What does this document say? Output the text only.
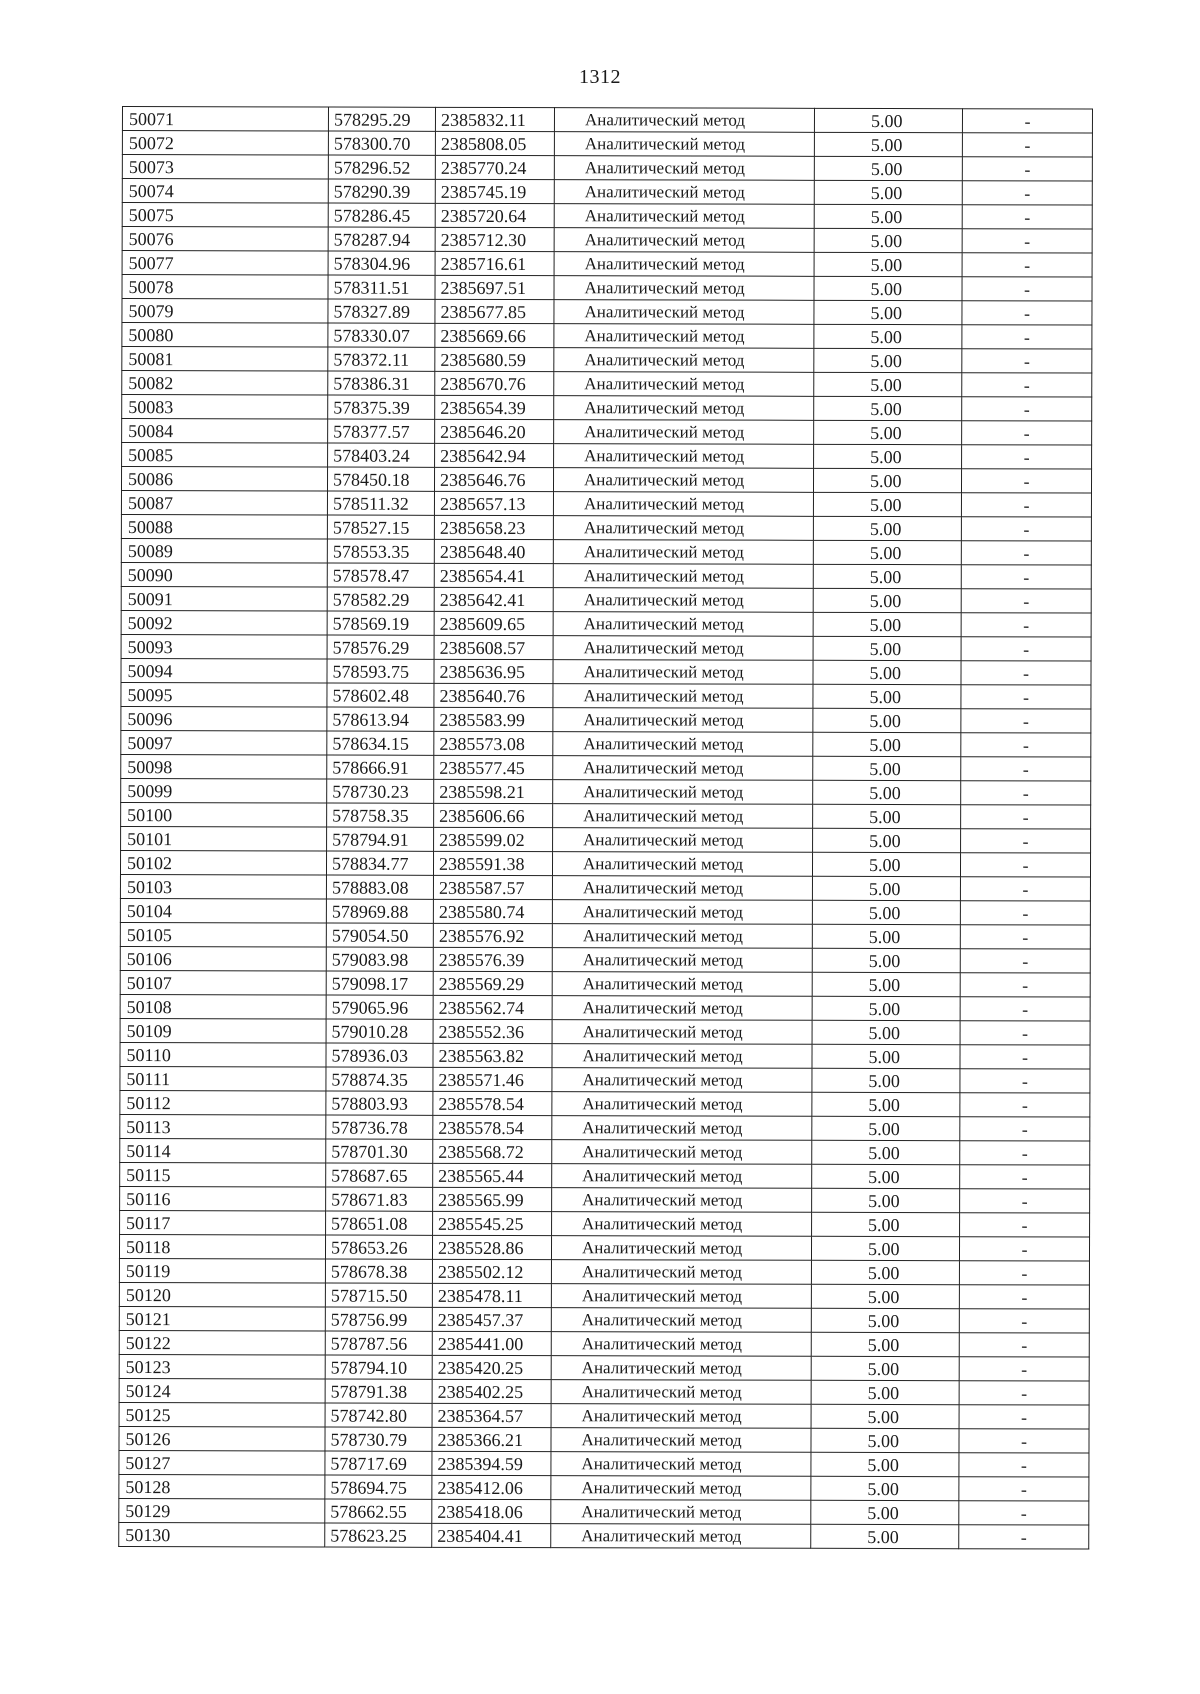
1312
50071	578295.29	2385832.11	Аналитический метод	5.00	-
50072	578300.70	2385808.05	Аналитический метод	5.00	-
50073	578296.52	2385770.24	Аналитический метод	5.00	-
50074	578290.39	2385745.19	Аналитический метод	5.00	-
50075	578286.45	2385720.64	Аналитический метод	5.00	-
50076	578287.94	2385712.30	Аналитический метод	5.00	-
50077	578304.96	2385716.61	Аналитический метод	5.00	-
50078	578311.51	2385697.51	Аналитический метод	5.00	-
50079	578327.89	2385677.85	Аналитический метод	5.00	-
50080	578330.07	2385669.66	Аналитический метод	5.00	-
50081	578372.11	2385680.59	Аналитический метод	5.00	-
50082	578386.31	2385670.76	Аналитический метод	5.00	-
50083	578375.39	2385654.39	Аналитический метод	5.00	-
50084	578377.57	2385646.20	Аналитический метод	5.00	-
50085	578403.24	2385642.94	Аналитический метод	5.00	-
50086	578450.18	2385646.76	Аналитический метод	5.00	-
50087	578511.32	2385657.13	Аналитический метод	5.00	-
50088	578527.15	2385658.23	Аналитический метод	5.00	-
50089	578553.35	2385648.40	Аналитический метод	5.00	-
50090	578578.47	2385654.41	Аналитический метод	5.00	-
50091	578582.29	2385642.41	Аналитический метод	5.00	-
50092	578569.19	2385609.65	Аналитический метод	5.00	-
50093	578576.29	2385608.57	Аналитический метод	5.00	-
50094	578593.75	2385636.95	Аналитический метод	5.00	-
50095	578602.48	2385640.76	Аналитический метод	5.00	-
50096	578613.94	2385583.99	Аналитический метод	5.00	-
50097	578634.15	2385573.08	Аналитический метод	5.00	-
50098	578666.91	2385577.45	Аналитический метод	5.00	-
50099	578730.23	2385598.21	Аналитический метод	5.00	-
50100	578758.35	2385606.66	Аналитический метод	5.00	-
50101	578794.91	2385599.02	Аналитический метод	5.00	-
50102	578834.77	2385591.38	Аналитический метод	5.00	-
50103	578883.08	2385587.57	Аналитический метод	5.00	-
50104	578969.88	2385580.74	Аналитический метод	5.00	-
50105	579054.50	2385576.92	Аналитический метод	5.00	-
50106	579083.98	2385576.39	Аналитический метод	5.00	-
50107	579098.17	2385569.29	Аналитический метод	5.00	-
50108	579065.96	2385562.74	Аналитический метод	5.00	-
50109	579010.28	2385552.36	Аналитический метод	5.00	-
50110	578936.03	2385563.82	Аналитический метод	5.00	-
50111	578874.35	2385571.46	Аналитический метод	5.00	-
50112	578803.93	2385578.54	Аналитический метод	5.00	-
50113	578736.78	2385578.54	Аналитический метод	5.00	-
50114	578701.30	2385568.72	Аналитический метод	5.00	-
50115	578687.65	2385565.44	Аналитический метод	5.00	-
50116	578671.83	2385565.99	Аналитический метод	5.00	-
50117	578651.08	2385545.25	Аналитический метод	5.00	-
50118	578653.26	2385528.86	Аналитический метод	5.00	-
50119	578678.38	2385502.12	Аналитический метод	5.00	-
50120	578715.50	2385478.11	Аналитический метод	5.00	-
50121	578756.99	2385457.37	Аналитический метод	5.00	-
50122	578787.56	2385441.00	Аналитический метод	5.00	-
50123	578794.10	2385420.25	Аналитический метод	5.00	-
50124	578791.38	2385402.25	Аналитический метод	5.00	-
50125	578742.80	2385364.57	Аналитический метод	5.00	-
50126	578730.79	2385366.21	Аналитический метод	5.00	-
50127	578717.69	2385394.59	Аналитический метод	5.00	-
50128	578694.75	2385412.06	Аналитический метод	5.00	-
50129	578662.55	2385418.06	Аналитический метод	5.00	-
50130	578623.25	2385404.41	Аналитический метод	5.00	-
